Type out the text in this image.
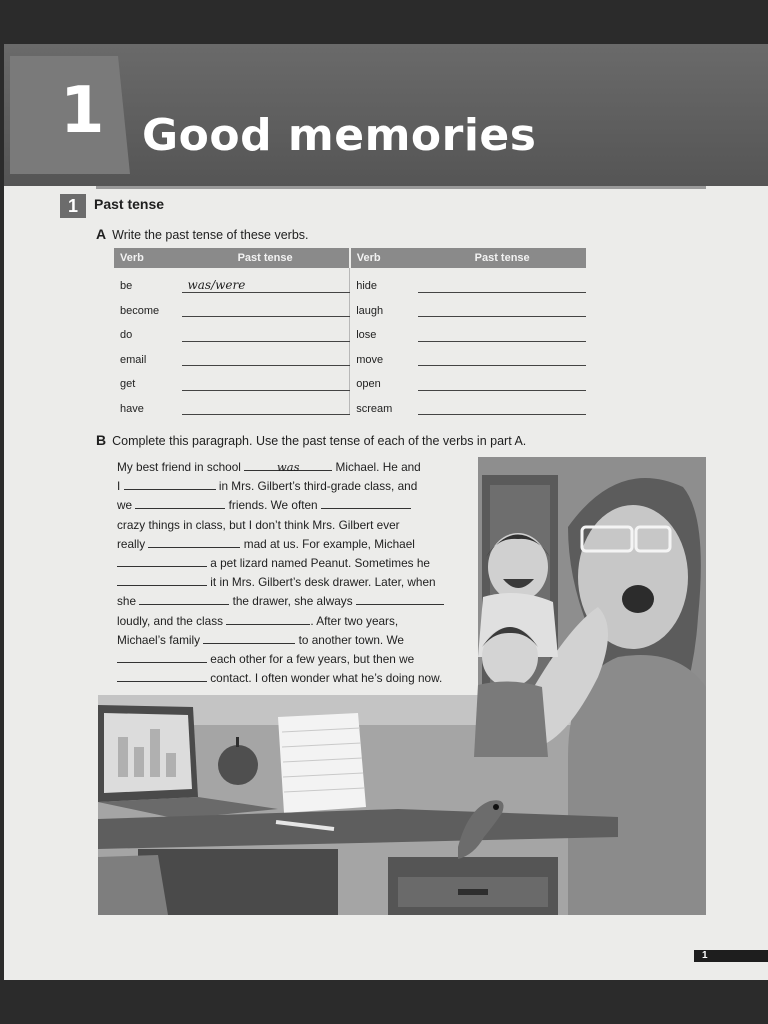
1 Good memories
1	Past tense
A Write the past tense of these verbs.
Verb	Past tense	Verb	Past tense
be	was/were	hide	
become		laugh	
do		lose	
email		move	
get		open	
have		scream	
B Complete this paragraph. Use the past tense of each of the verbs in part A.
My best friend in school	was	Michael. He and
I	in Mrs. Gilbert’s third-grade class, and
we	friends. We often
crazy things in class, but I don’t think Mrs. Gilbert ever
really	mad at us. For example, Michael
a pet lizard named Peanut. Sometimes he
it in Mrs. Gilbert’s desk drawer. Later, when
she	the drawer, she always
loudly, and the class	. After two years,
Michael’s family	to another town. We
each other for a few years, but then we
contact. I often wonder what he’s doing now.
1
